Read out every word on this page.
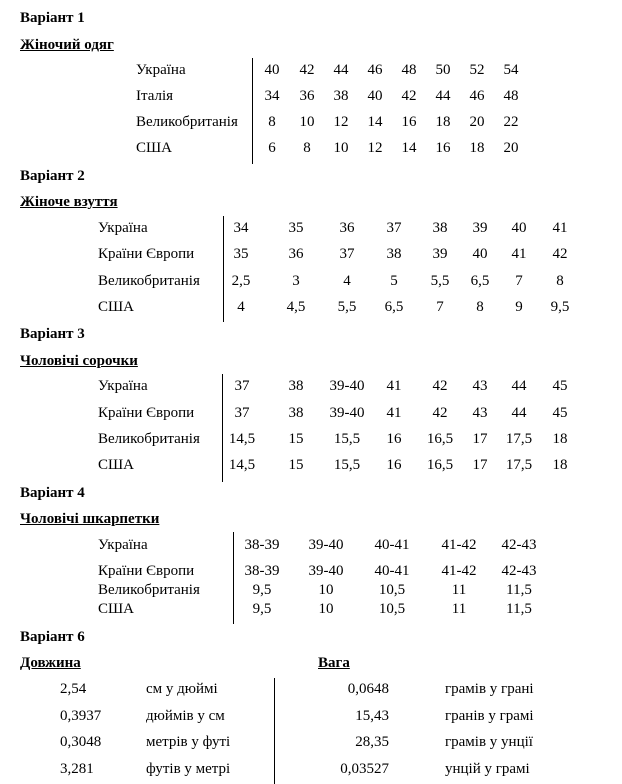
Варіант 1
Жіночий одяг
Україна	40	42	44	46	48	50	52	54
Італія	34	36	38	40	42	44	46	48
Великобританія	8	10	12	14	16	18	20	22
США	6	8	10	12	14	16	18	20
Варіант 2
Жіноче взуття
Україна	34	35	36	37	38	39	40	41
Країни Європи	35	36	37	38	39	40	41	42
Великобританія	2,5	3	4	5	5,5	6,5	7	8
США	4	4,5	5,5	6,5	7	8	9	9,5
Варіант 3
Чоловічі сорочки
Україна	37	38	39-40	41	42	43	44	45
Країни Європи	37	38	39-40	41	42	43	44	45
Великобританія	14,5	15	15,5	16	16,5	17	17,5	18
США	14,5	15	15,5	16	16,5	17	17,5	18
Варіант 4
Чоловічі шкарпетки
Україна	38-39	39-40	40-41	41-42	42-43
Країни Європи	38-39	39-40	40-41	41-42	42-43
Великобританія	9,5	10	10,5	11	11,5
США	9,5	10	10,5	11	11,5
Варіант 6
Довжина	Вага
2,54	см у дюймі	0,0648	грамів у грані
0,3937	дюймів у см	15,43	гранів у грамі
0,3048	метрів у футі	28,35	грамів у унції
3,281	футів у метрі	0,03527	унцій у грамі
